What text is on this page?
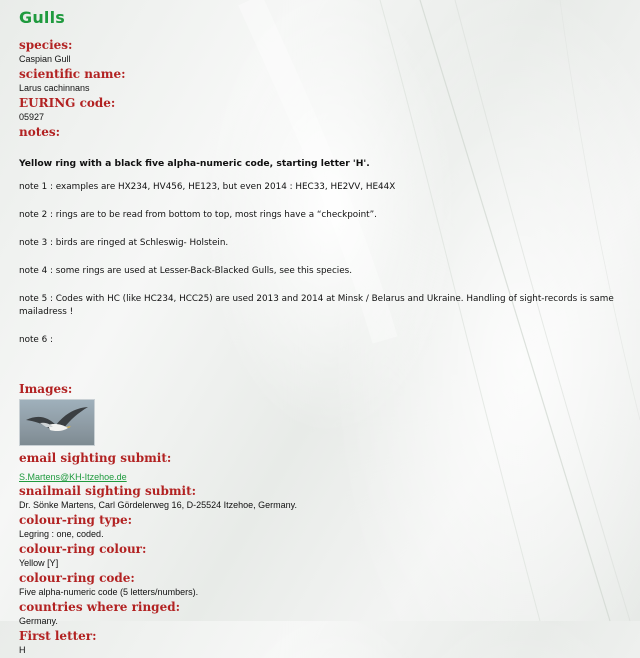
Gulls
species:
Caspian Gull
scientific name:
Larus cachinnans
EURING code:
05927
notes:
Yellow ring with a black five alpha-numeric code, starting letter 'H'.
note 1 : examples are HX234, HV456, HE123, but even 2014 : HEC33, HE2VV, HE44X
note 2 : rings are to be read from bottom to top, most rings have a “checkpoint”.
note 3 : birds are ringed at Schleswig- Holstein.
note 4 : some rings are used at Lesser-Back-Blacked Gulls, see this species.
note 5 : Codes with HC (like HC234, HCC25) are used 2013 and 2014 at Minsk / Belarus and Ukraine. Handling of sight-records is same mailadress !
note 6 :
Images:
email sighting submit:
S.Martens@KH-Itzehoe.de
snailmail sighting submit:
Dr. Sönke Martens, Carl Gördelerweg 16, D-25524 Itzehoe, Germany.
colour-ring type:
Legring : one, coded.
colour-ring colour:
Yellow [Y]
colour-ring code:
Five alpha-numeric code (5 letters/numbers).
countries where ringed:
Germany.
First letter:
H
